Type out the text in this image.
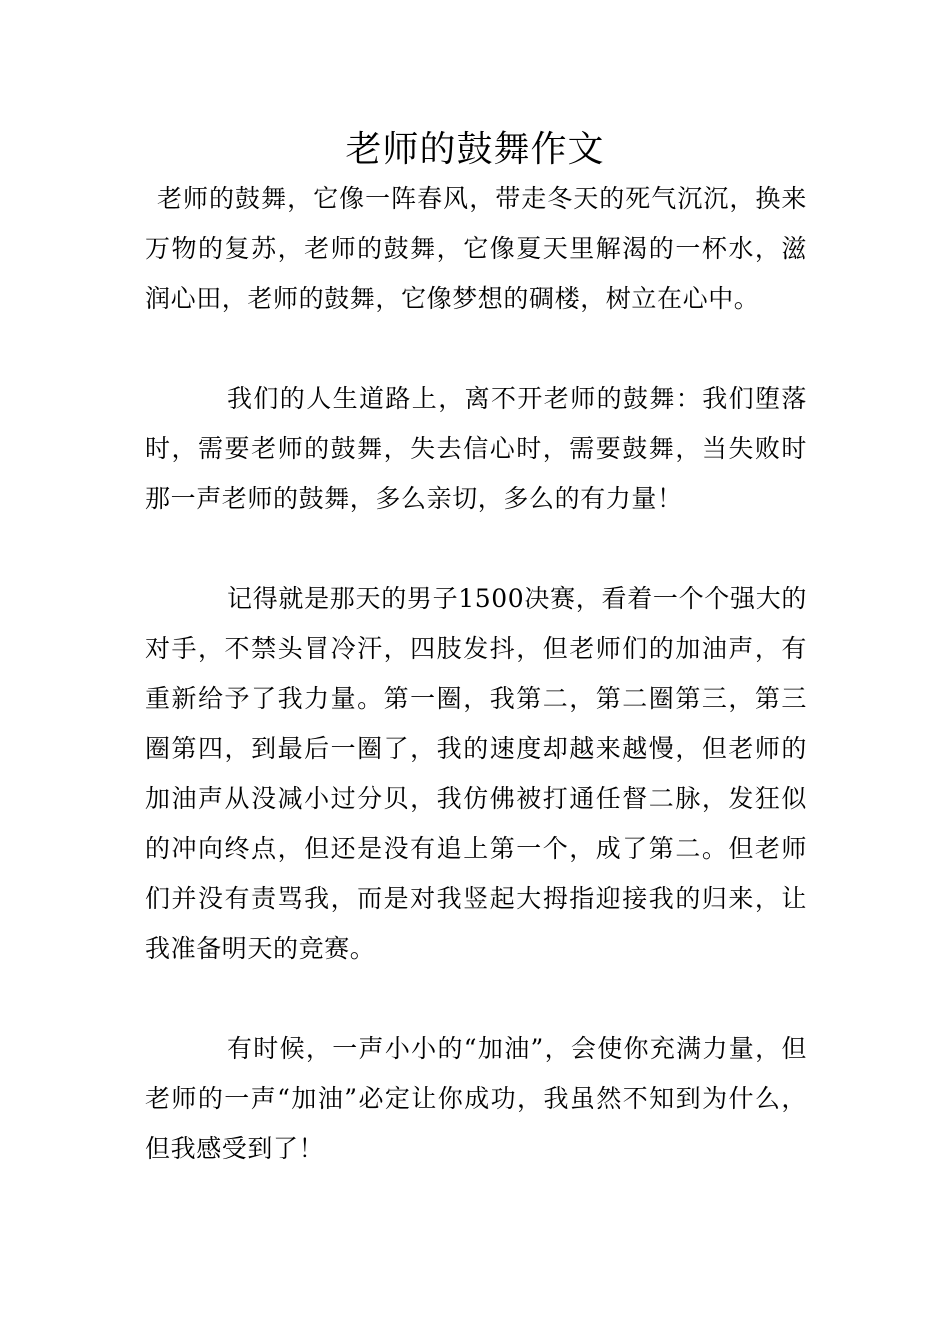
老师的鼓舞作文

老师的鼓舞，它像一阵春风，带走冬天的死气沉沉，换来万物的复苏，老师的鼓舞，它像夏天里解渴的一杯水，滋润心田，老师的鼓舞，它像梦想的碉楼，树立在心中。

我们的人生道路上，离不开老师的鼓舞：我们堕落时，需要老师的鼓舞，失去信心时，需要鼓舞，当失败时那一声老师的鼓舞，多么亲切，多么的有力量！

记得就是那天的男子1500决赛，看着一个个强大的对手，不禁头冒冷汗，四肢发抖，但老师们的加油声，有重新给予了我力量。第一圈，我第二，第二圈第三，第三圈第四，到最后一圈了，我的速度却越来越慢，但老师的加油声从没减小过分贝，我仿佛被打通任督二脉，发狂似的冲向终点，但还是没有追上第一个，成了第二。但老师们并没有责骂我，而是对我竖起大拇指迎接我的归来，让我准备明天的竞赛。

有时候，一声小小的“加油”，会使你充满力量，但老师的一声“加油”必定让你成功，我虽然不知到为什么，但我感受到了！
